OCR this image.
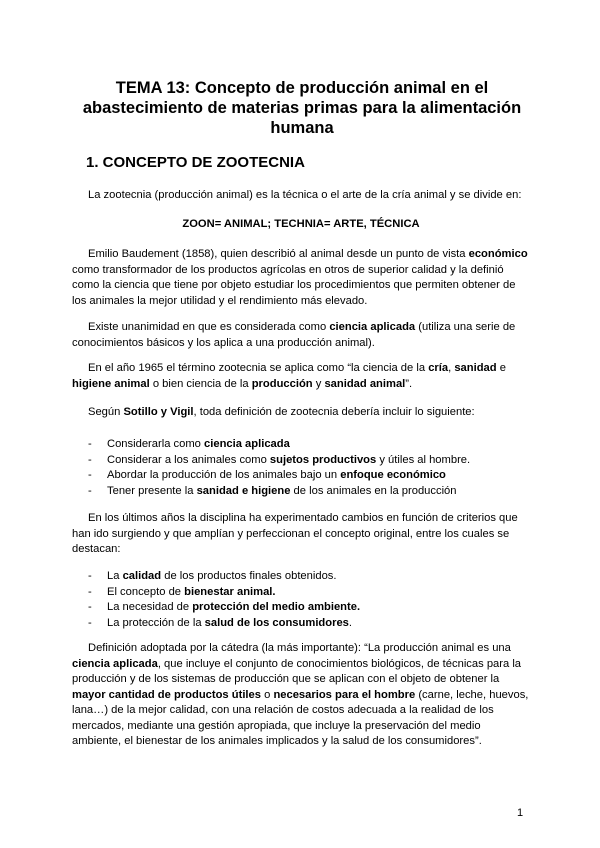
TEMA 13: Concepto de producción animal en el
abastecimiento de materias primas para la alimentación
humana
1. CONCEPTO DE ZOOTECNIA

La zootecnia (producción animal) es la técnica o el arte de la cría animal y se divide en:

ZOON= ANIMAL; TECHNIA= ARTE, TÉCNICA

Emilio Baudement (1858), quien describió al animal desde un punto de vista económico como transformador de los productos agrícolas en otros de superior calidad y la definió como la ciencia que tiene por objeto estudiar los procedimientos que permiten obtener de los animales la mejor utilidad y el rendimiento más elevado.

Existe unanimidad en que es considerada como ciencia aplicada (utiliza una serie de conocimientos básicos y los aplica a una producción animal).

En el año 1965 el término zootecnia se aplica como “la ciencia de la cría, sanidad e higiene animal o bien ciencia de la producción y sanidad animal”.

Según Sotillo y Vigil, toda definición de zootecnia debería incluir lo siguiente:

- Considerarla como ciencia aplicada
- Considerar a los animales como sujetos productivos y útiles al hombre.
- Abordar la producción de los animales bajo un enfoque económico
- Tener presente la sanidad e higiene de los animales en la producción

En los últimos años la disciplina ha experimentado cambios en función de criterios que han ido surgiendo y que amplían y perfeccionan el concepto original, entre los cuales se destacan:

- La calidad de los productos finales obtenidos.
- El concepto de bienestar animal.
- La necesidad de protección del medio ambiente.
- La protección de la salud de los consumidores.

Definición adoptada por la cátedra (la más importante): “La producción animal es una ciencia aplicada, que incluye el conjunto de conocimientos biológicos, de técnicas para la producción y de los sistemas de producción que se aplican con el objeto de obtener la mayor cantidad de productos útiles o necesarios para el hombre (carne, leche, huevos, lana…) de la mejor calidad, con una relación de costos adecuada a la realidad de los mercados, mediante una gestión apropiada, que incluye la preservación del medio ambiente, el bienestar de los animales implicados y la salud de los consumidores”.

1
